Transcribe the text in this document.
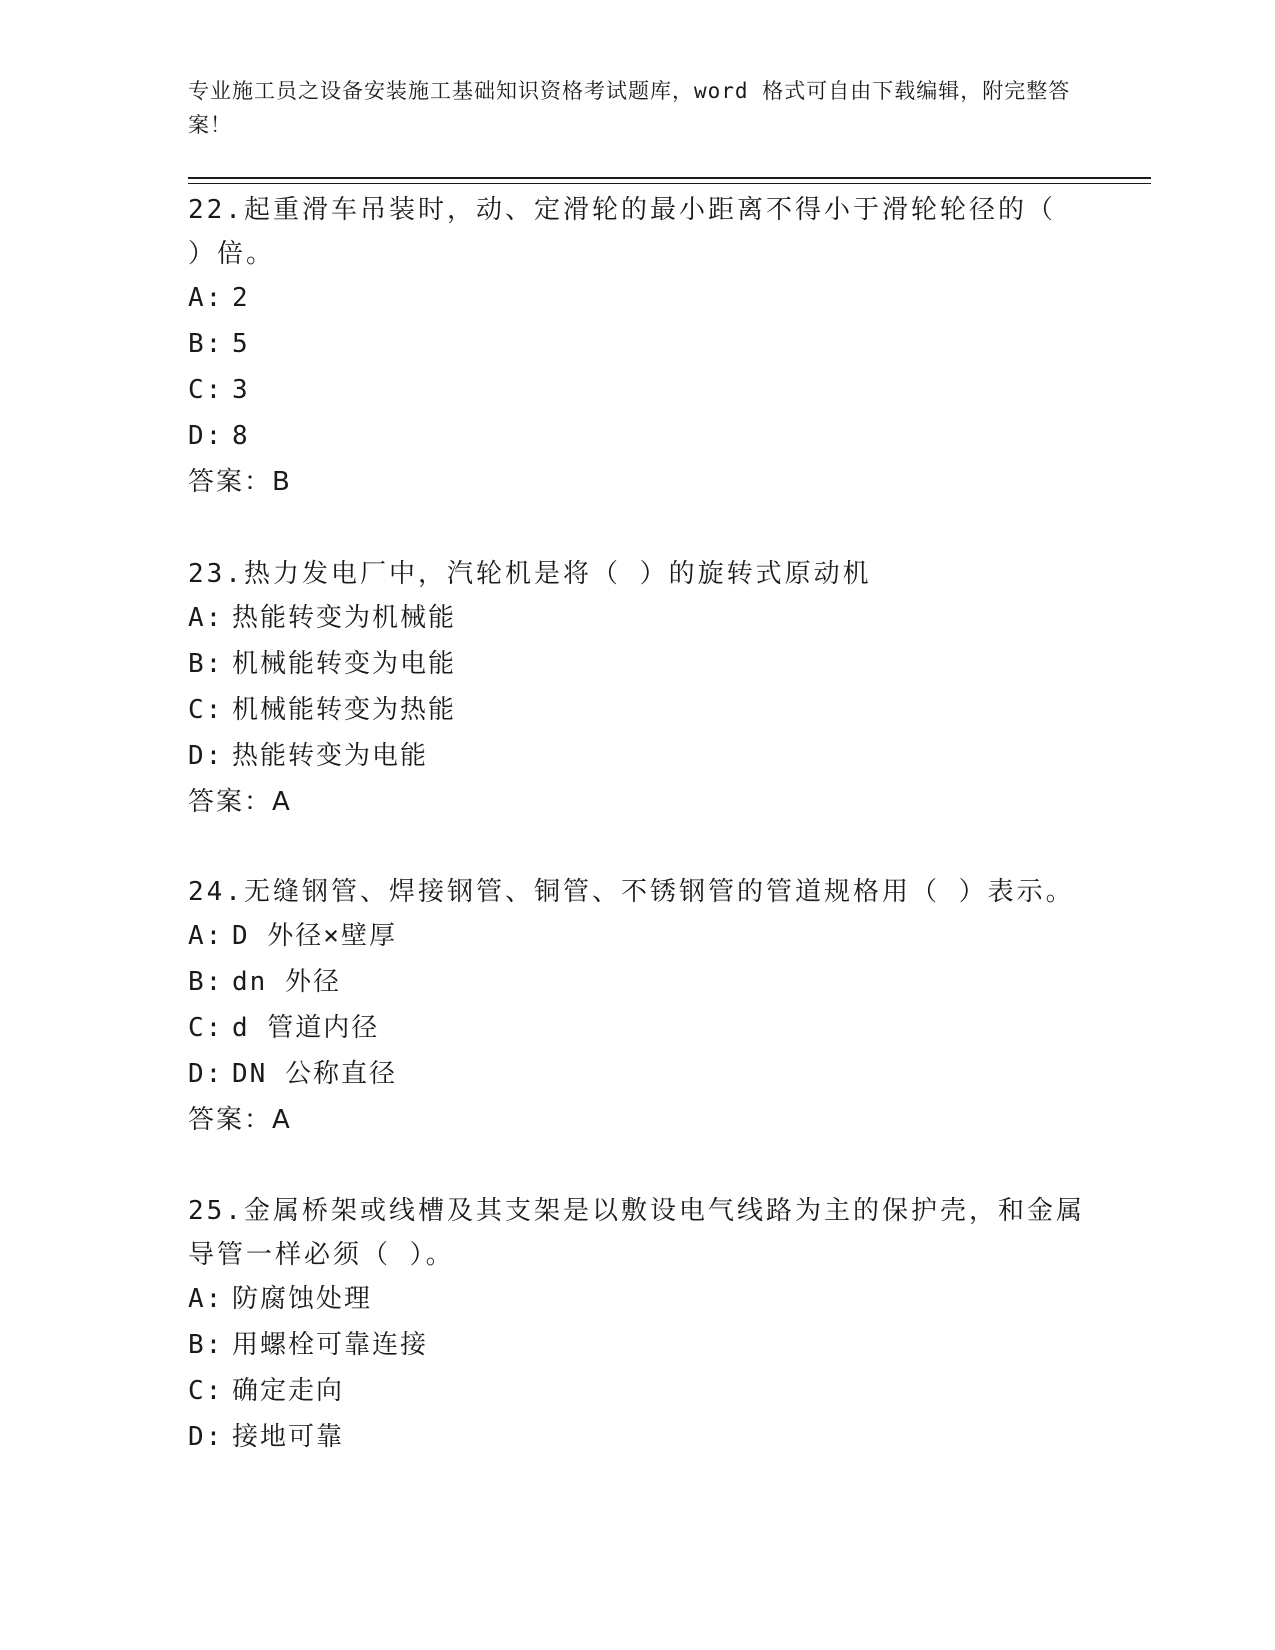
专业施工员之设备安装施工基础知识资格考试题库，word 格式可自由下载编辑，附完整答案！

22.起重滑车吊装时，动、定滑轮的最小距离不得小于滑轮轮径的（ ）倍。

A: 2

B: 5

C: 3

D: 8

答案：B

23.热力发电厂中，汽轮机是将（ ）的旋转式原动机

A: 热能转变为机械能

B: 机械能转变为电能

C: 机械能转变为热能

D: 热能转变为电能

答案：A

24.无缝钢管、焊接钢管、铜管、不锈钢管的管道规格用（ ）表示。

A: D 外径×壁厚

B: dn 外径

C: d 管道内径

D: DN 公称直径

答案：A

25.金属桥架或线槽及其支架是以敷设电气线路为主的保护壳，和金属导管一样必须（ ）。

A: 防腐蚀处理

B: 用螺栓可靠连接

C: 确定走向

D: 接地可靠
